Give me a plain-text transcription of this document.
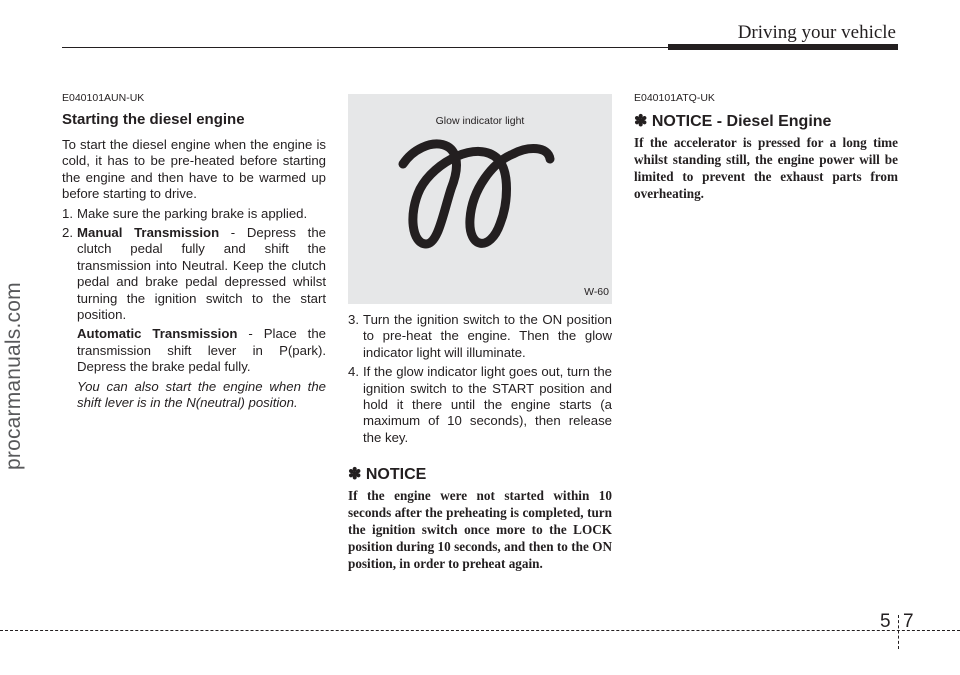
Driving your vehicle
procarmanuals.com
E040101AUN-UK
Starting the diesel engine
To start the diesel engine when the engine is cold, it has to be pre-heated before starting the engine and then have to be warmed up before starting to drive.
1. Make sure the parking brake is applied.
2. Manual Transmission - Depress the clutch pedal fully and shift the transmission into Neutral. Keep the clutch pedal and brake pedal depressed whilst turning the ignition switch to the start position.
Automatic Transmission - Place the transmission shift lever in P(park). Depress the brake pedal fully.
You can also start the engine when the shift lever is in the N(neutral) position.
Glow indicator light
W-60
3. Turn the ignition switch to the ON position to pre-heat the engine. Then the glow indicator light will illuminate.
4. If the glow indicator light goes out, turn the ignition switch to the START position and hold it there until the engine starts (a maximum of 10 seconds), then release the key.
✽ NOTICE
If the engine were not started within 10 seconds after the preheating is completed, turn the ignition switch once more to the LOCK position during 10 seconds, and then to the ON position, in order to preheat again.
E040101ATQ-UK
✽ NOTICE - Diesel Engine
If the accelerator is pressed for a long time whilst standing still, the engine power will be limited to prevent the exhaust parts from overheating.
5 7
